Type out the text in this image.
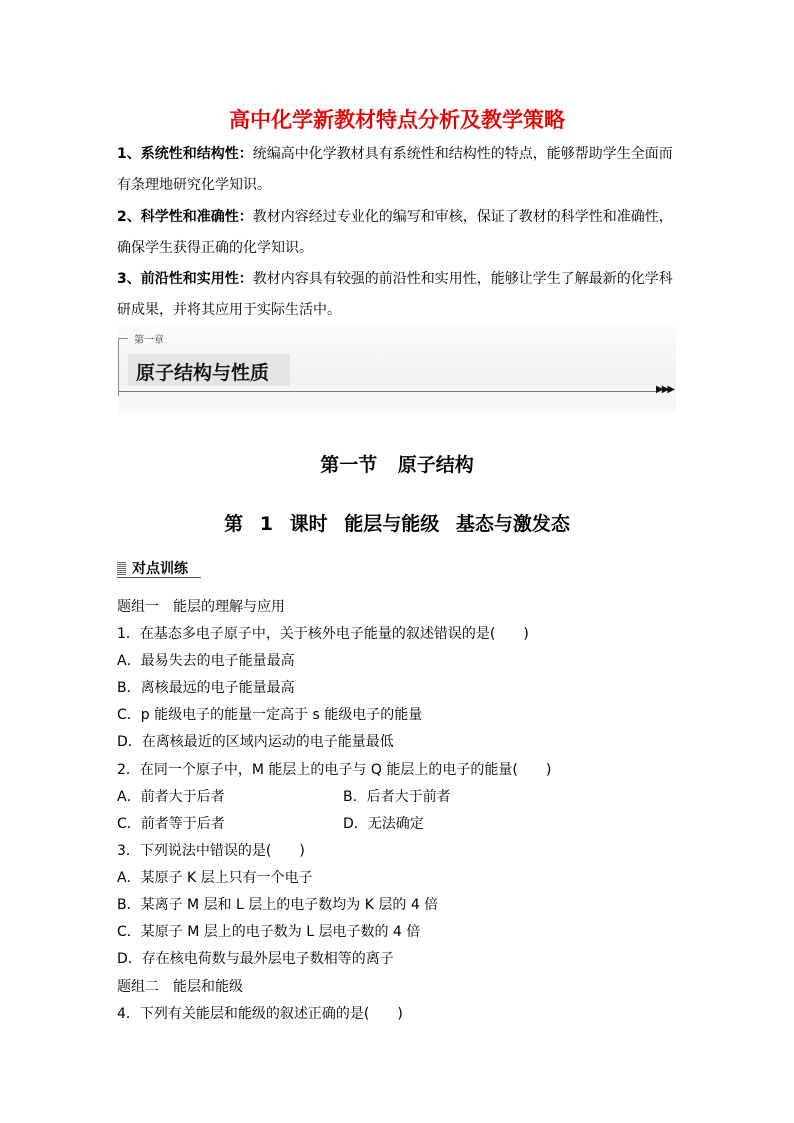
高中化学新教材特点分析及教学策略
1、系统性和结构性：统编高中化学教材具有系统性和结构性的特点，能够帮助学生全面而有条理地研究化学知识。
2、科学性和准确性：教材内容经过专业化的编写和审核，保证了教材的科学性和准确性，确保学生获得正确的化学知识。
3、前沿性和实用性：教材内容具有较强的前沿性和实用性，能够让学生了解最新的化学科研成果，并将其应用于实际生活中。
第一章
原子结构与性质
▶▶▶
第一节 原子结构
第 1 课时 能层与能级 基态与激发态
对点训练
题组一　能层的理解与应用
1．在基态多电子原子中，关于核外电子能量的叙述错误的是(　　)
A．最易失去的电子能量最高
B．离核最远的电子能量最高
C．p 能级电子的能量一定高于 s 能级电子的能量
D．在离核最近的区域内运动的电子能量最低
2．在同一个原子中，M 能层上的电子与 Q 能层上的电子的能量(　　)
A．前者大于后者	B．后者大于前者
C．前者等于后者	D．无法确定
3．下列说法中错误的是(　　)
A．某原子 K 层上只有一个电子
B．某离子 M 层和 L 层上的电子数均为 K 层的 4 倍
C．某原子 M 层上的电子数为 L 层电子数的 4 倍
D．存在核电荷数与最外层电子数相等的离子
题组二　能层和能级
4．下列有关能层和能级的叙述正确的是(　　)
